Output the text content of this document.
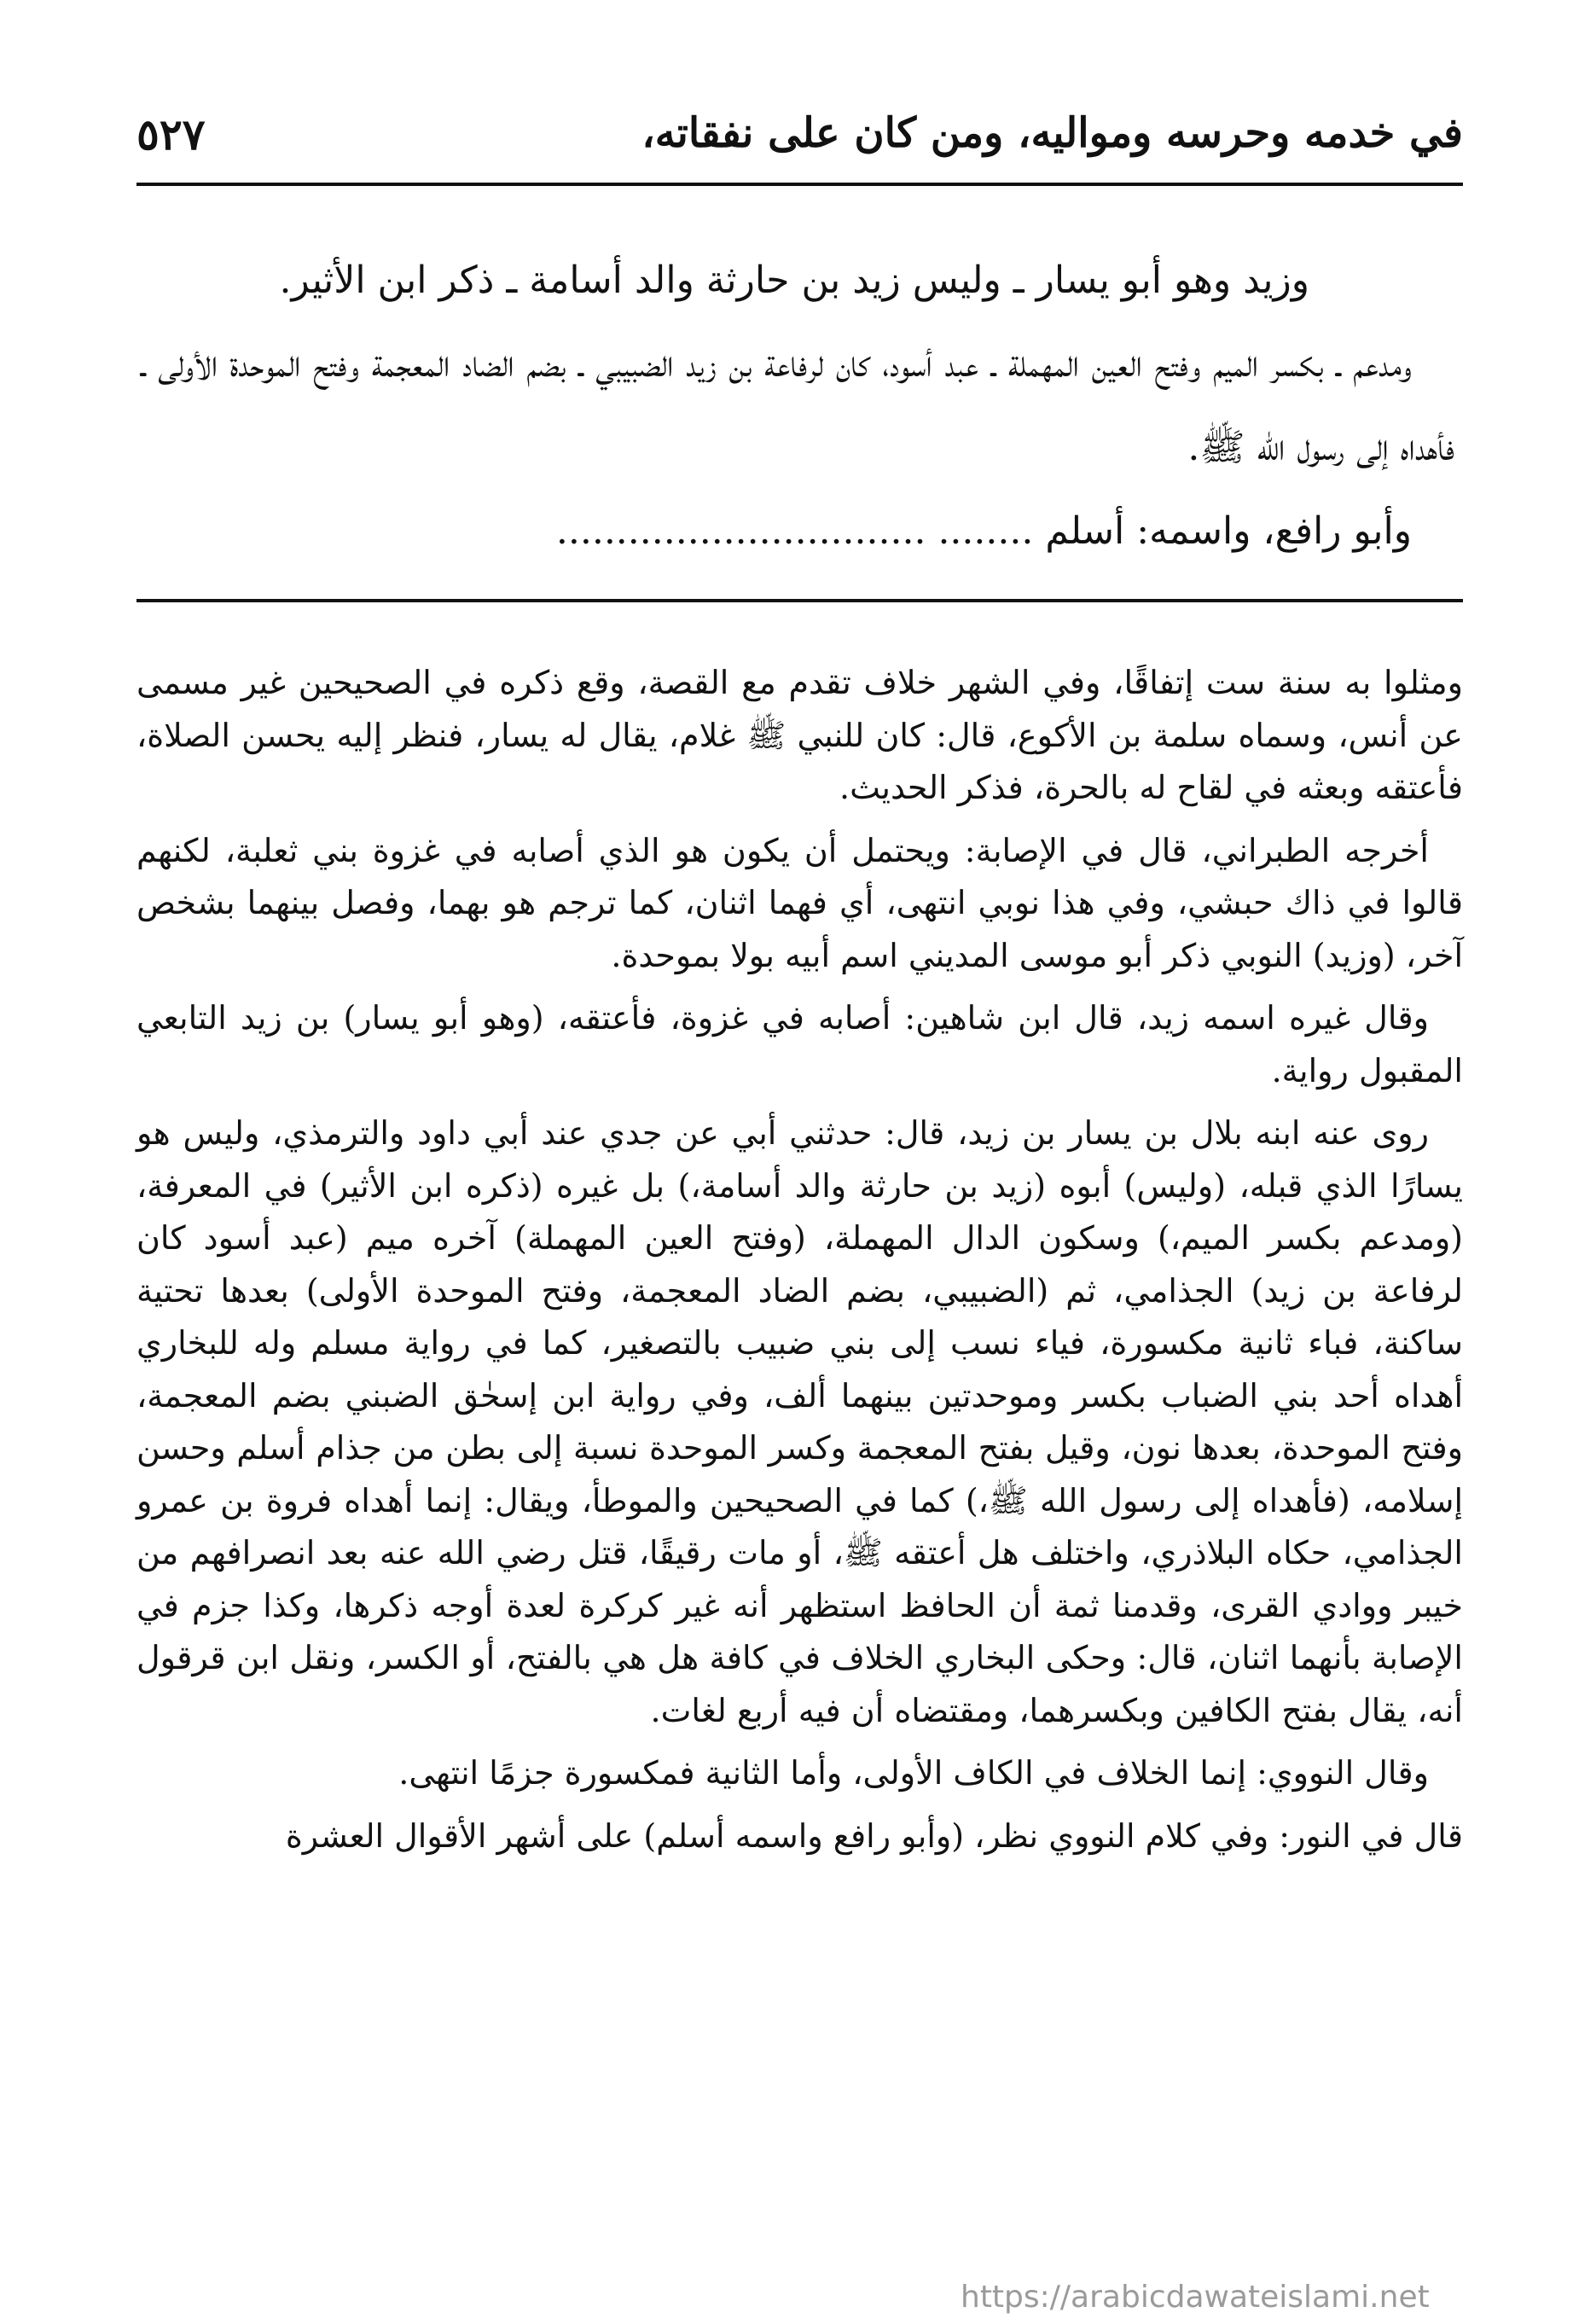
في خدمه وحرسه ومواليه، ومن كان على نفقاته،
٥٢٧

وزيد وهو أبو يسار ـ وليس زيد بن حارثة والد أسامة ـ ذكر ابن الأثير.

ومدعم ـ بكسر الميم وفتح العين المهملة ـ عبد أسود، كان لرفاعة بن زيد الضبيبي ـ بضم الضاد المعجمة وفتح الموحدة الأولى ـ فأهداه إلى رسول الله ﷺ.

وأبو رافع، واسمه: أسلم ........ ...............................

ومثلوا به سنة ست إتفاقًا، وفي الشهر خلاف تقدم مع القصة، وقع ذكره في الصحيحين غير مسمى عن أنس، وسماه سلمة بن الأكوع، قال: كان للنبي ﷺ غلام، يقال له يسار، فنظر إليه يحسن الصلاة، فأعتقه وبعثه في لقاح له بالحرة، فذكر الحديث.

أخرجه الطبراني، قال في الإصابة: ويحتمل أن يكون هو الذي أصابه في غزوة بني ثعلبة، لكنهم قالوا في ذاك حبشي، وفي هذا نوبي انتهى، أي فهما اثنان، كما ترجم هو بهما، وفصل بينهما بشخص آخر، (وزيد) النوبي ذكر أبو موسى المديني اسم أبيه بولا بموحدة.

وقال غيره اسمه زيد، قال ابن شاهين: أصابه في غزوة، فأعتقه، (وهو أبو يسار) بن زيد التابعي المقبول رواية.

روى عنه ابنه بلال بن يسار بن زيد، قال: حدثني أبي عن جدي عند أبي داود والترمذي، وليس هو يسارًا الذي قبله، (وليس) أبوه (زيد بن حارثة والد أسامة،) بل غيره (ذكره ابن الأثير) في المعرفة، (ومدعم بكسر الميم،) وسكون الدال المهملة، (وفتح العين المهملة) آخره ميم (عبد أسود كان لرفاعة بن زيد) الجذامي، ثم (الضبيبي، بضم الضاد المعجمة، وفتح الموحدة الأولى) بعدها تحتية ساكنة، فباء ثانية مكسورة، فياء نسب إلى بني ضبيب بالتصغير، كما في رواية مسلم وله للبخاري أهداه أحد بني الضباب بكسر وموحدتين بينهما ألف، وفي رواية ابن إسحٰق الضبني بضم المعجمة، وفتح الموحدة، بعدها نون، وقيل بفتح المعجمة وكسر الموحدة نسبة إلى بطن من جذام أسلم وحسن إسلامه، (فأهداه إلى رسول الله ﷺ،) كما في الصحيحين والموطأ، ويقال: إنما أهداه فروة بن عمرو الجذامي، حكاه البلاذري، واختلف هل أعتقه ﷺ، أو مات رقيقًا، قتل رضي الله عنه بعد انصرافهم من خيبر ووادي القرى، وقدمنا ثمة أن الحافظ استظهر أنه غير كركرة لعدة أوجه ذكرها، وكذا جزم في الإصابة بأنهما اثنان، قال: وحكى البخاري الخلاف في كافة هل هي بالفتح، أو الكسر، ونقل ابن قرقول أنه، يقال بفتح الكافين وبكسرهما، ومقتضاه أن فيه أربع لغات.

وقال النووي: إنما الخلاف في الكاف الأولى، وأما الثانية فمكسورة جزمًا انتهى.

قال في النور: وفي كلام النووي نظر، (وأبو رافع واسمه أسلم) على أشهر الأقوال العشرة

https://arabicdawateislami.net
